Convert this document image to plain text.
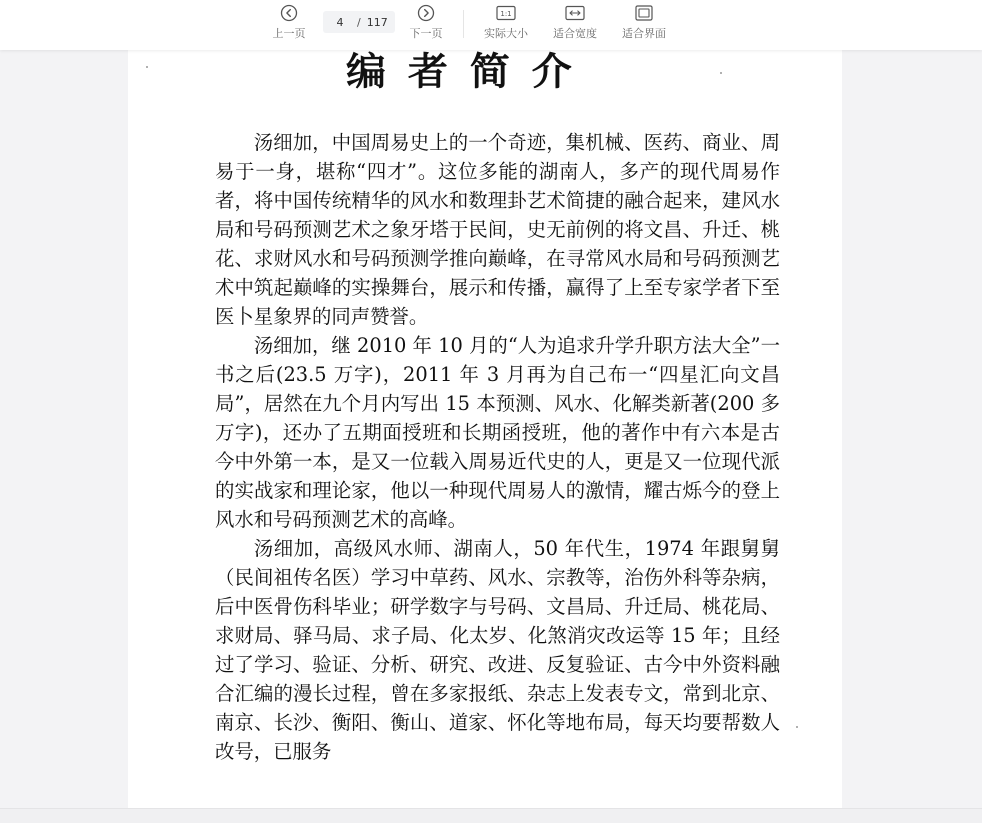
上一页
4
/ 117
下一页
1:1
实际大小 适合宽度 适合界面
编 者 简 介

汤细加，中国周易史上的一个奇迹，集机械、医药、商业、周易于一身，堪称“四才”。这位多能的湖南人，多产的现代周易作者，将中国传统精华的风水和数理卦艺术简捷的融合起来，建风水局和号码预测艺术之象牙塔于民间，史无前例的将文昌、升迁、桃花、求财风水和号码预测学推向巅峰，在寻常风水局和号码预测艺术中筑起巅峰的实操舞台，展示和传播，赢得了上至专家学者下至医卜星象界的同声赞誉。

汤细加，继 2010 年 10 月的“人为追求升学升职方法大全”一书之后(23.5 万字)，2011 年 3 月再为自己布一“四星汇向文昌局”，居然在九个月内写出 15 本预测、风水、化解类新著(200 多万字)，还办了五期面授班和长期函授班，他的著作中有六本是古今中外第一本，是又一位载入周易近代史的人，更是又一位现代派的实战家和理论家，他以一种现代周易人的激情，耀古烁今的登上风水和号码预测艺术的高峰。

汤细加，高级风水师、湖南人，50 年代生，1974 年跟舅舅（民间祖传名医）学习中草药、风水、宗教等，治伤外科等杂病，后中医骨伤科毕业；研学数字与号码、文昌局、升迁局、桃花局、求财局、驿马局、求子局、化太岁、化煞消灾改运等 15 年；且经过了学习、验证、分析、研究、改进、反复验证、古今中外资料融合汇编的漫长过程，曾在多家报纸、杂志上发表专文，常到北京、南京、长沙、衡阳、衡山、道家、怀化等地布局，每天均要帮数人改号，已服务
